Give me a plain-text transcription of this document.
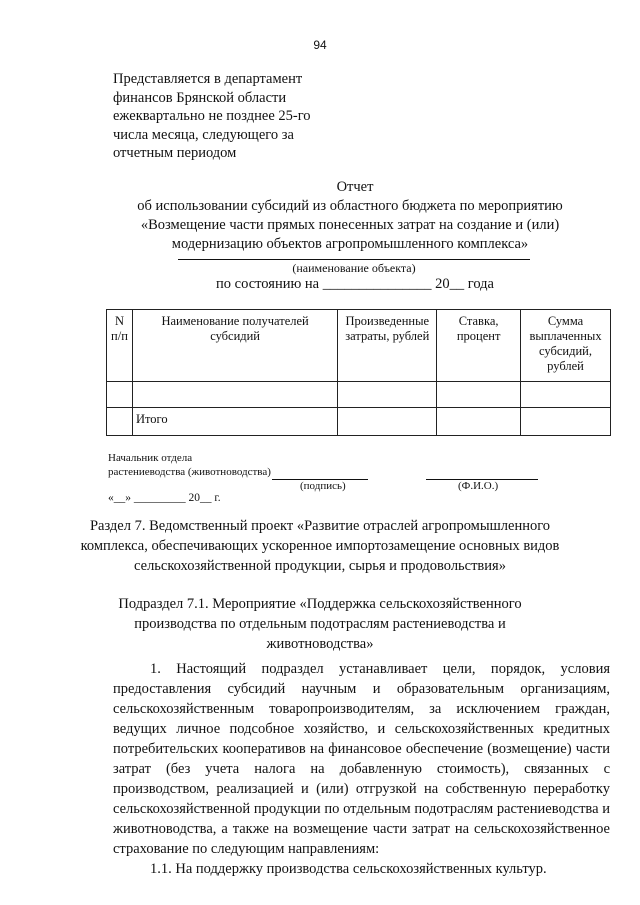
94
Представляется в департамент
финансов Брянской области
ежеквартально не позднее 25-го
числа месяца, следующего за
отчетным периодом
Отчет
об использовании субсидий из областного бюджета по мероприятию
«Возмещение части прямых понесенных затрат на создание и (или)
модернизацию объектов агропромышленного комплекса»
(наименование объекта)
по состоянию на _______________ 20__ года
N п/п	Наименование получателей субсидий	Произведенные затраты, рублей	Ставка, процент	Сумма выплаченных субсидий, рублей

	Итого			
Начальник отдела
растениеводства (животноводства)
(подпись)	(Ф.И.О.)
«__» _________ 20__ г.
Раздел 7. Ведомственный проект «Развитие отраслей агропромышленного
комплекса, обеспечивающих ускоренное импортозамещение основных видов
сельскохозяйственной продукции, сырья и продовольствия»
Подраздел 7.1. Мероприятие «Поддержка сельскохозяйственного
производства по отдельным подотраслям растениеводства и
животноводства»

1. Настоящий подраздел устанавливает цели, порядок, условия предоставления субсидий научным и образовательным организациям, сельскохозяйственным товаропроизводителям, за исключением граждан, ведущих личное подсобное хозяйство, и сельскохозяйственных кредитных потребительских кооперативов на финансовое обеспечение (возмещение) части затрат (без учета налога на добавленную стоимость), связанных с производством, реализацией и (или) отгрузкой на собственную переработку сельскохозяйственной продукции по отдельным подотраслям растениеводства и животноводства, а также на возмещение части затрат на сельскохозяйственное страхование по следующим направлениям:

1.1. На поддержку производства сельскохозяйственных культур.
